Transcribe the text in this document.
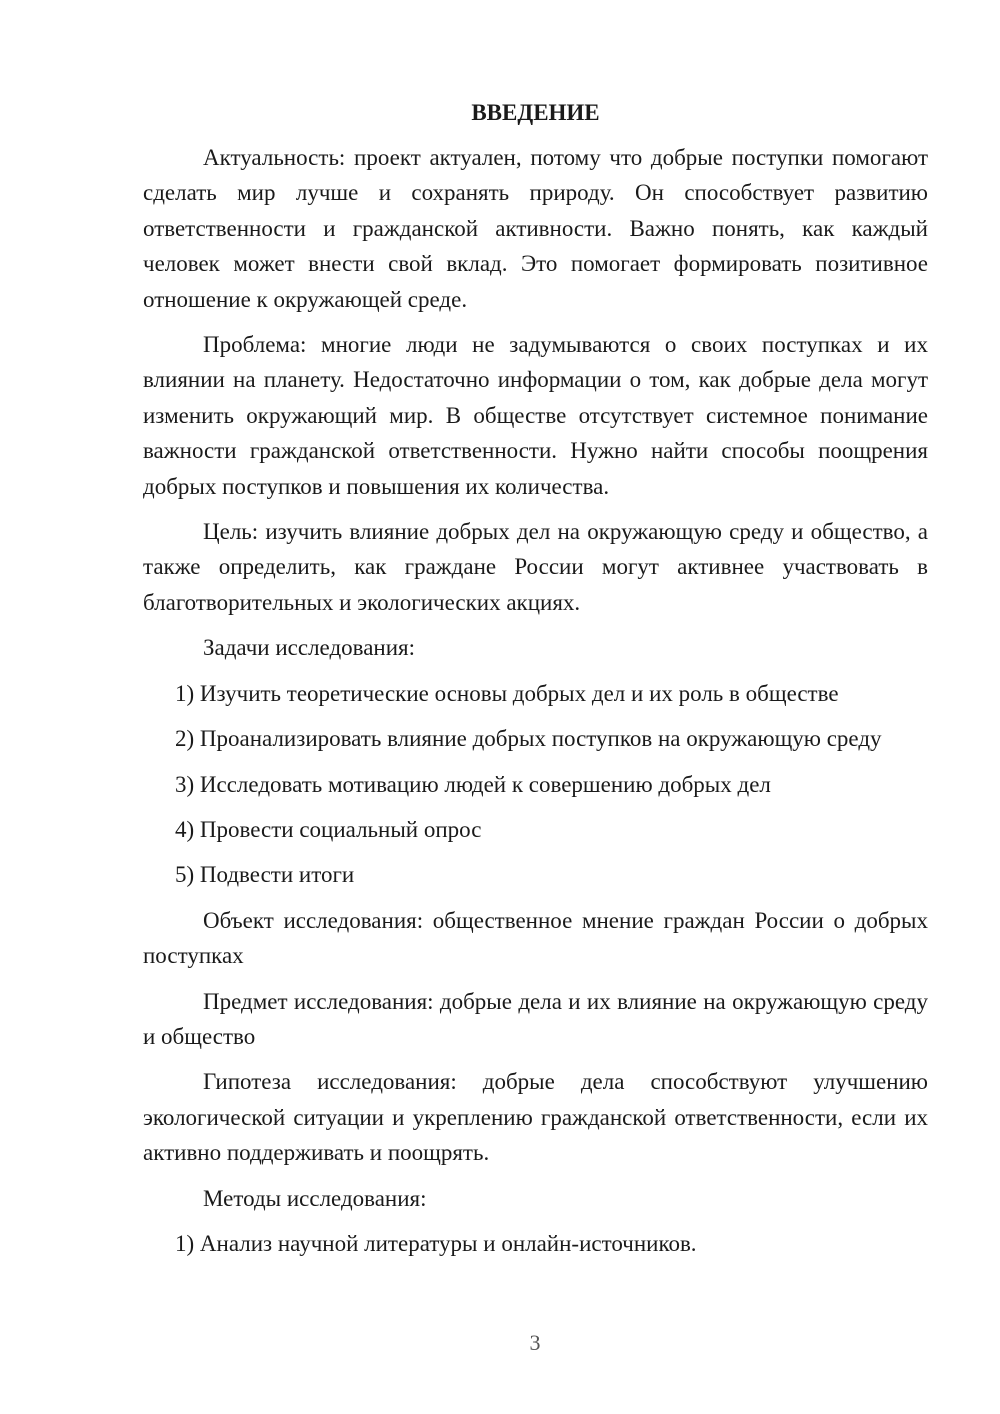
ВВЕДЕНИЕ

Актуальность: проект актуален, потому что добрые поступки помогают сделать мир лучше и сохранять природу. Он способствует развитию ответственности и гражданской активности. Важно понять, как каждый человек может внести свой вклад. Это помогает формировать позитивное отношение к окружающей среде.

Проблема: многие люди не задумываются о своих поступках и их влиянии на планету. Недостаточно информации о том, как добрые дела могут изменить окружающий мир. В обществе отсутствует системное понимание важности гражданской ответственности. Нужно найти способы поощрения добрых поступков и повышения их количества.

Цель: изучить влияние добрых дел на окружающую среду и общество, а также определить, как граждане России могут активнее участвовать в благотворительных и экологических акциях.

Задачи исследования:

1) Изучить теоретические основы добрых дел и их роль в обществе

2) Проанализировать влияние добрых поступков на окружающую среду

3) Исследовать мотивацию людей к совершению добрых дел

4) Провести социальный опрос

5) Подвести итоги

Объект исследования: общественное мнение граждан России о добрых поступках

Предмет исследования: добрые дела и их влияние на окружающую среду и общество

Гипотеза исследования: добрые дела способствуют улучшению экологической ситуации и укреплению гражданской ответственности, если их активно поддерживать и поощрять.

Методы исследования:

1) Анализ научной литературы и онлайн-источников.

3
